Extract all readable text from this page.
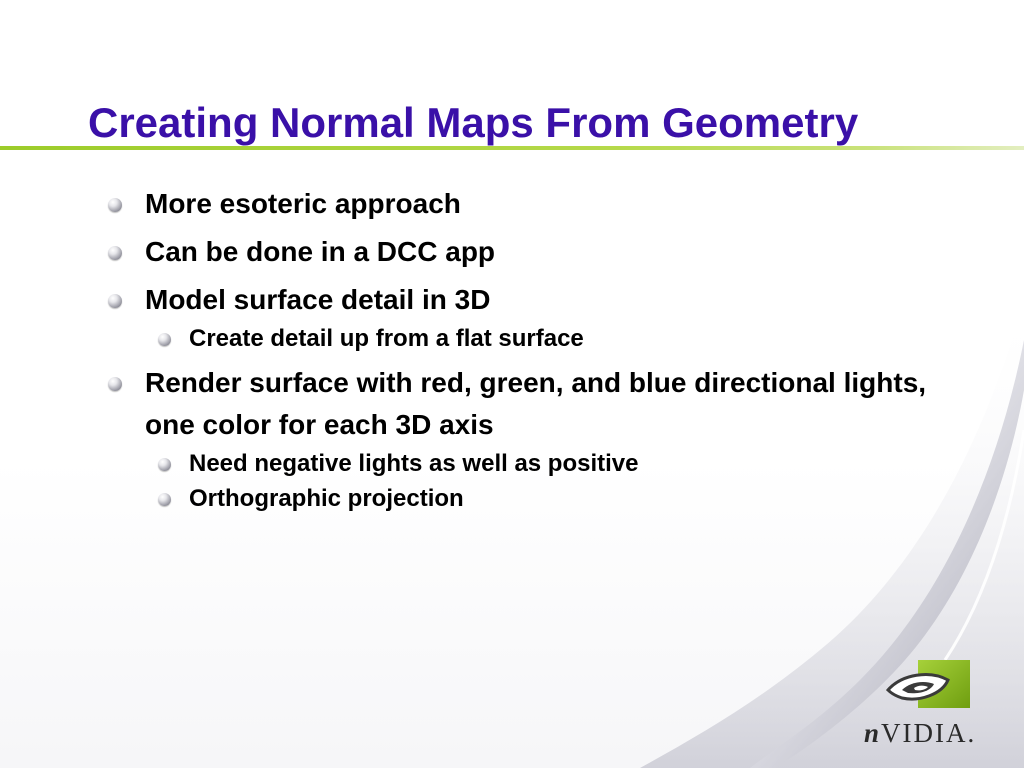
Creating Normal Maps From Geometry
More esoteric approach
Can be done in a DCC app
Model surface detail in 3D
Create detail up from a flat surface
Render surface with red, green, and blue directional lights, one color for each 3D axis
Need negative lights as well as positive
Orthographic projection
nVIDIA.
